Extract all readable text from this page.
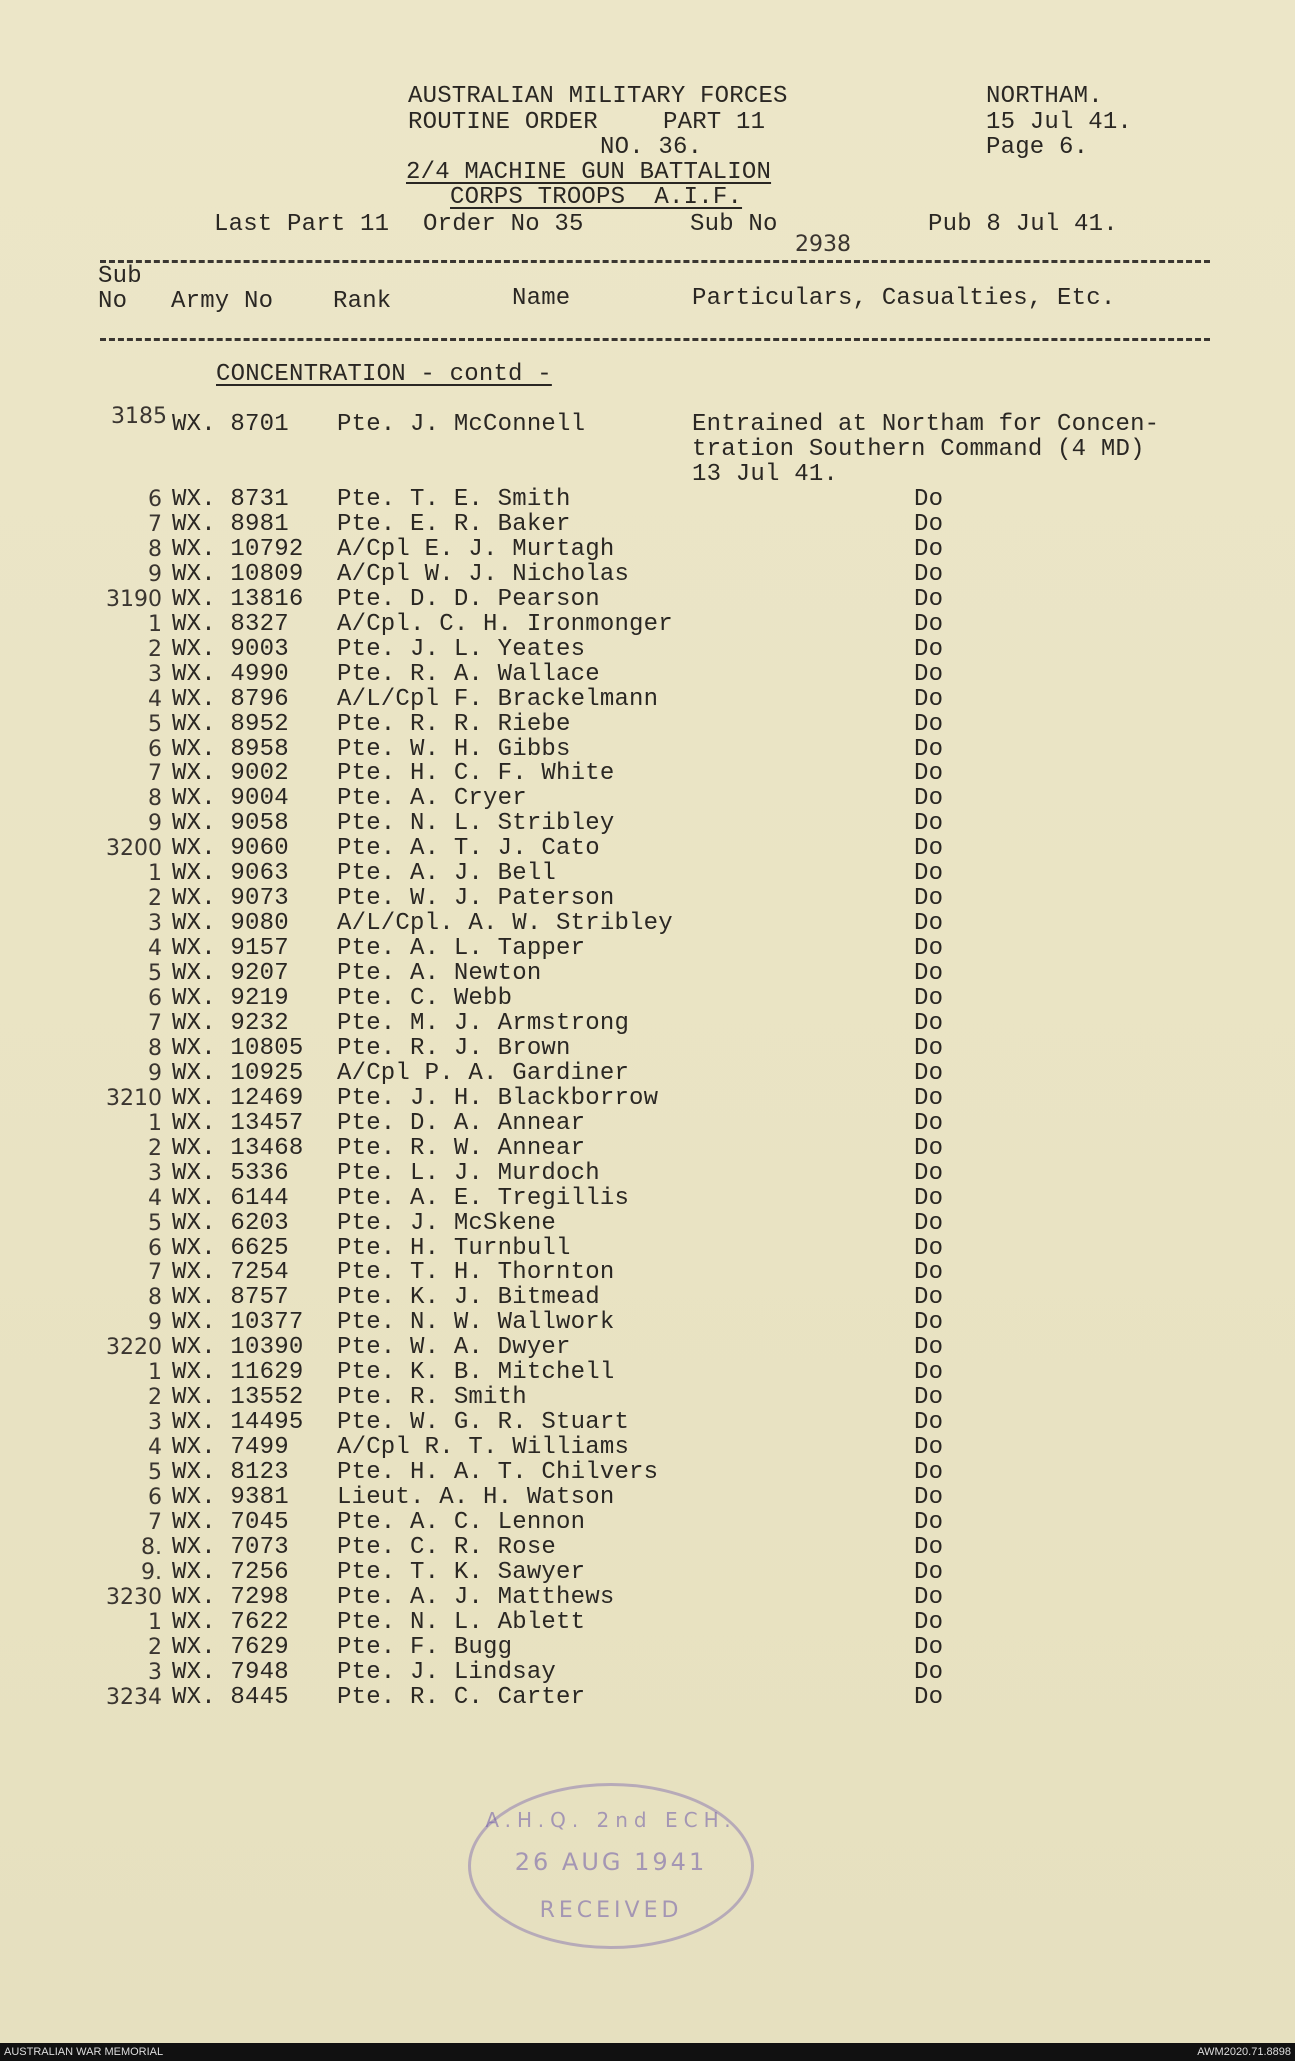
AUSTRALIAN MILITARY FORCES
ROUTINE ORDER	PART 11
NO. 36.
2/4 MACHINE GUN BATTALION
CORPS TROOPS  A.I.F.
NORTHAM.
15 Jul 41.
Page 6.
Last Part 11 Order No 35	Sub No
2938
Pub 8 Jul 41.
Sub
No Army No Rank	Name	Particulars, Casualties, Etc.
CONCENTRATION - contd -
3185 WX. 8701 Pte. J. McConnell	Entrained at Northam for Concen-
tration Southern Command (4 MD)
13 Jul 41.
6 WX. 8731 Pte. T. E. Smith	Do
7 WX. 8981 Pte. E. R. Baker	Do
8 WX. 10792 A/Cpl E. J. Murtagh	Do
9 WX. 10809 A/Cpl W. J. Nicholas	Do
3190 WX. 13816 Pte. D. D. Pearson	Do
1 WX. 8327 A/Cpl. C. H. Ironmonger	Do
2 WX. 9003 Pte. J. L. Yeates	Do
3 WX. 4990 Pte. R. A. Wallace	Do
4 WX. 8796 A/L/Cpl F. Brackelmann	Do
5 WX. 8952 Pte. R. R. Riebe	Do
6 WX. 8958 Pte. W. H. Gibbs	Do
7 WX. 9002 Pte. H. C. F. White	Do
8 WX. 9004 Pte. A. Cryer	Do
9 WX. 9058 Pte. N. L. Stribley	Do
3200 WX. 9060 Pte. A. T. J. Cato	Do
1 WX. 9063 Pte. A. J. Bell	Do
2 WX. 9073 Pte. W. J. Paterson	Do
3 WX. 9080 A/L/Cpl. A. W. Stribley	Do
4 WX. 9157 Pte. A. L. Tapper	Do
5 WX. 9207 Pte. A. Newton	Do
6 WX. 9219 Pte. C. Webb	Do
7 WX. 9232 Pte. M. J. Armstrong	Do
8 WX. 10805 Pte. R. J. Brown	Do
9 WX. 10925 A/Cpl P. A. Gardiner	Do
3210 WX. 12469 Pte. J. H. Blackborrow	Do
1 WX. 13457 Pte. D. A. Annear	Do
2 WX. 13468 Pte. R. W. Annear	Do
3 WX. 5336 Pte. L. J. Murdoch	Do
4 WX. 6144 Pte. A. E. Tregillis	Do
5 WX. 6203 Pte. J. McSkene	Do
6 WX. 6625 Pte. H. Turnbull	Do
7 WX. 7254 Pte. T. H. Thornton	Do
8 WX. 8757 Pte. K. J. Bitmead	Do
9 WX. 10377 Pte. N. W. Wallwork	Do
3220 WX. 10390 Pte. W. A. Dwyer	Do
1 WX. 11629 Pte. K. B. Mitchell	Do
2 WX. 13552 Pte. R. Smith	Do
3 WX. 14495 Pte. W. G. R. Stuart	Do
4 WX. 7499 A/Cpl R. T. Williams	Do
5 WX. 8123 Pte. H. A. T. Chilvers	Do
6 WX. 9381 Lieut. A. H. Watson	Do
7 WX. 7045 Pte. A. C. Lennon	Do
8. WX. 7073 Pte. C. R. Rose	Do
9. WX. 7256 Pte. T. K. Sawyer	Do
3230 WX. 7298 Pte. A. J. Matthews	Do
1 WX. 7622 Pte. N. L. Ablett	Do
2 WX. 7629 Pte. F. Bugg	Do
3 WX. 7948 Pte. J. Lindsay	Do
3234 WX. 8445 Pte. R. C. Carter	Do
A.H.Q. 2nd ECH.
26 AUG 1941
RECEIVED
AUSTRALIAN WAR MEMORIAL	AWM2020.71.8898
